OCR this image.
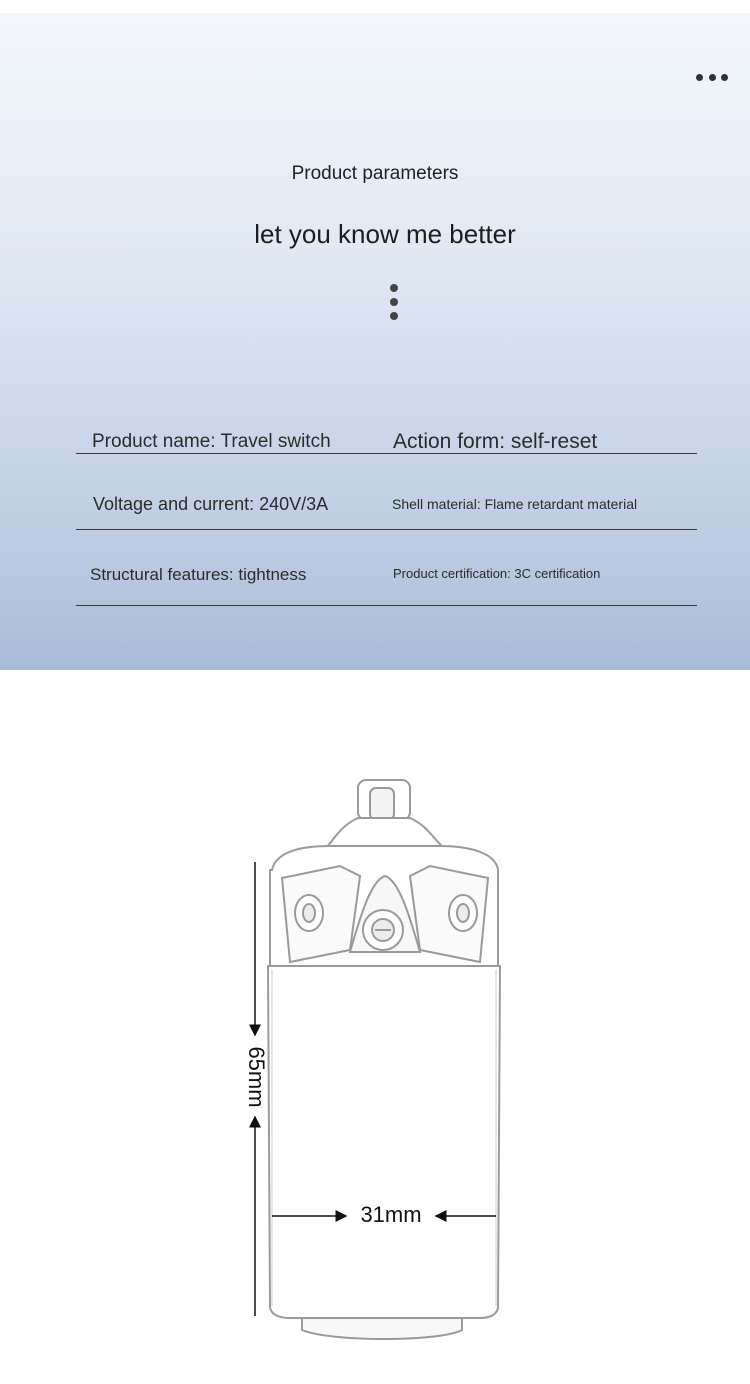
Product parameters
let you know me better
Product name: Travel switch	Action form: self-reset
Voltage and current: 240V/3A	Shell material: Flame retardant material
Structural features: tightness	Product certification: 3C certification
65mm
31mm
